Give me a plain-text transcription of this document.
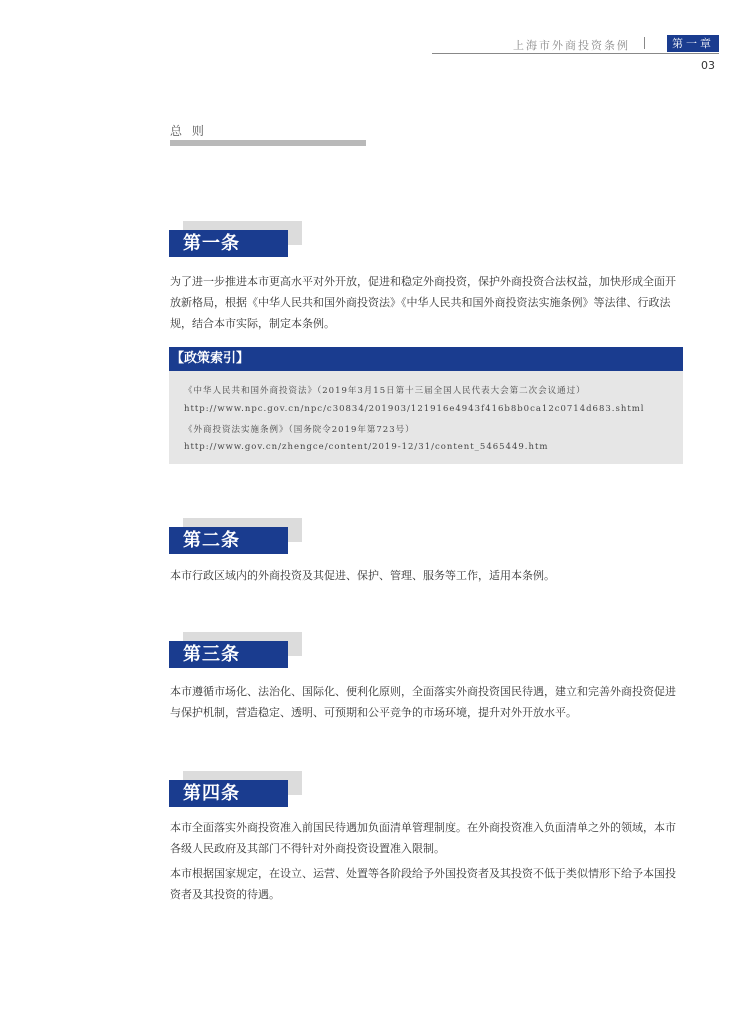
上海市外商投资条例	第一章
03
总 则
第一条

为了进一步推进本市更高水平对外开放，促进和稳定外商投资，保护外商投资合法权益，加快形成全面开放新格局，根据《中华人民共和国外商投资法》《中华人民共和国外商投资法实施条例》等法律、行政法规，结合本市实际，制定本条例。

【政策索引】
《中华人民共和国外商投资法》（2019年3月15日第十三届全国人民代表大会第二次会议通过）
http://www.npc.gov.cn/npc/c30834/201903/121916e4943f416b8b0ca12c0714d683.shtml
《外商投资法实施条例》（国务院令2019年第723号）
http://www.gov.cn/zhengce/content/2019-12/31/content_5465449.htm
第二条

本市行政区域内的外商投资及其促进、保护、管理、服务等工作，适用本条例。

第三条

本市遵循市场化、法治化、国际化、便利化原则，全面落实外商投资国民待遇，建立和完善外商投资促进与保护机制，营造稳定、透明、可预期和公平竞争的市场环境，提升对外开放水平。

第四条

本市全面落实外商投资准入前国民待遇加负面清单管理制度。在外商投资准入负面清单之外的领域，本市各级人民政府及其部门不得针对外商投资设置准入限制。

本市根据国家规定，在设立、运营、处置等各阶段给予外国投资者及其投资不低于类似情形下给予本国投资者及其投资的待遇。
